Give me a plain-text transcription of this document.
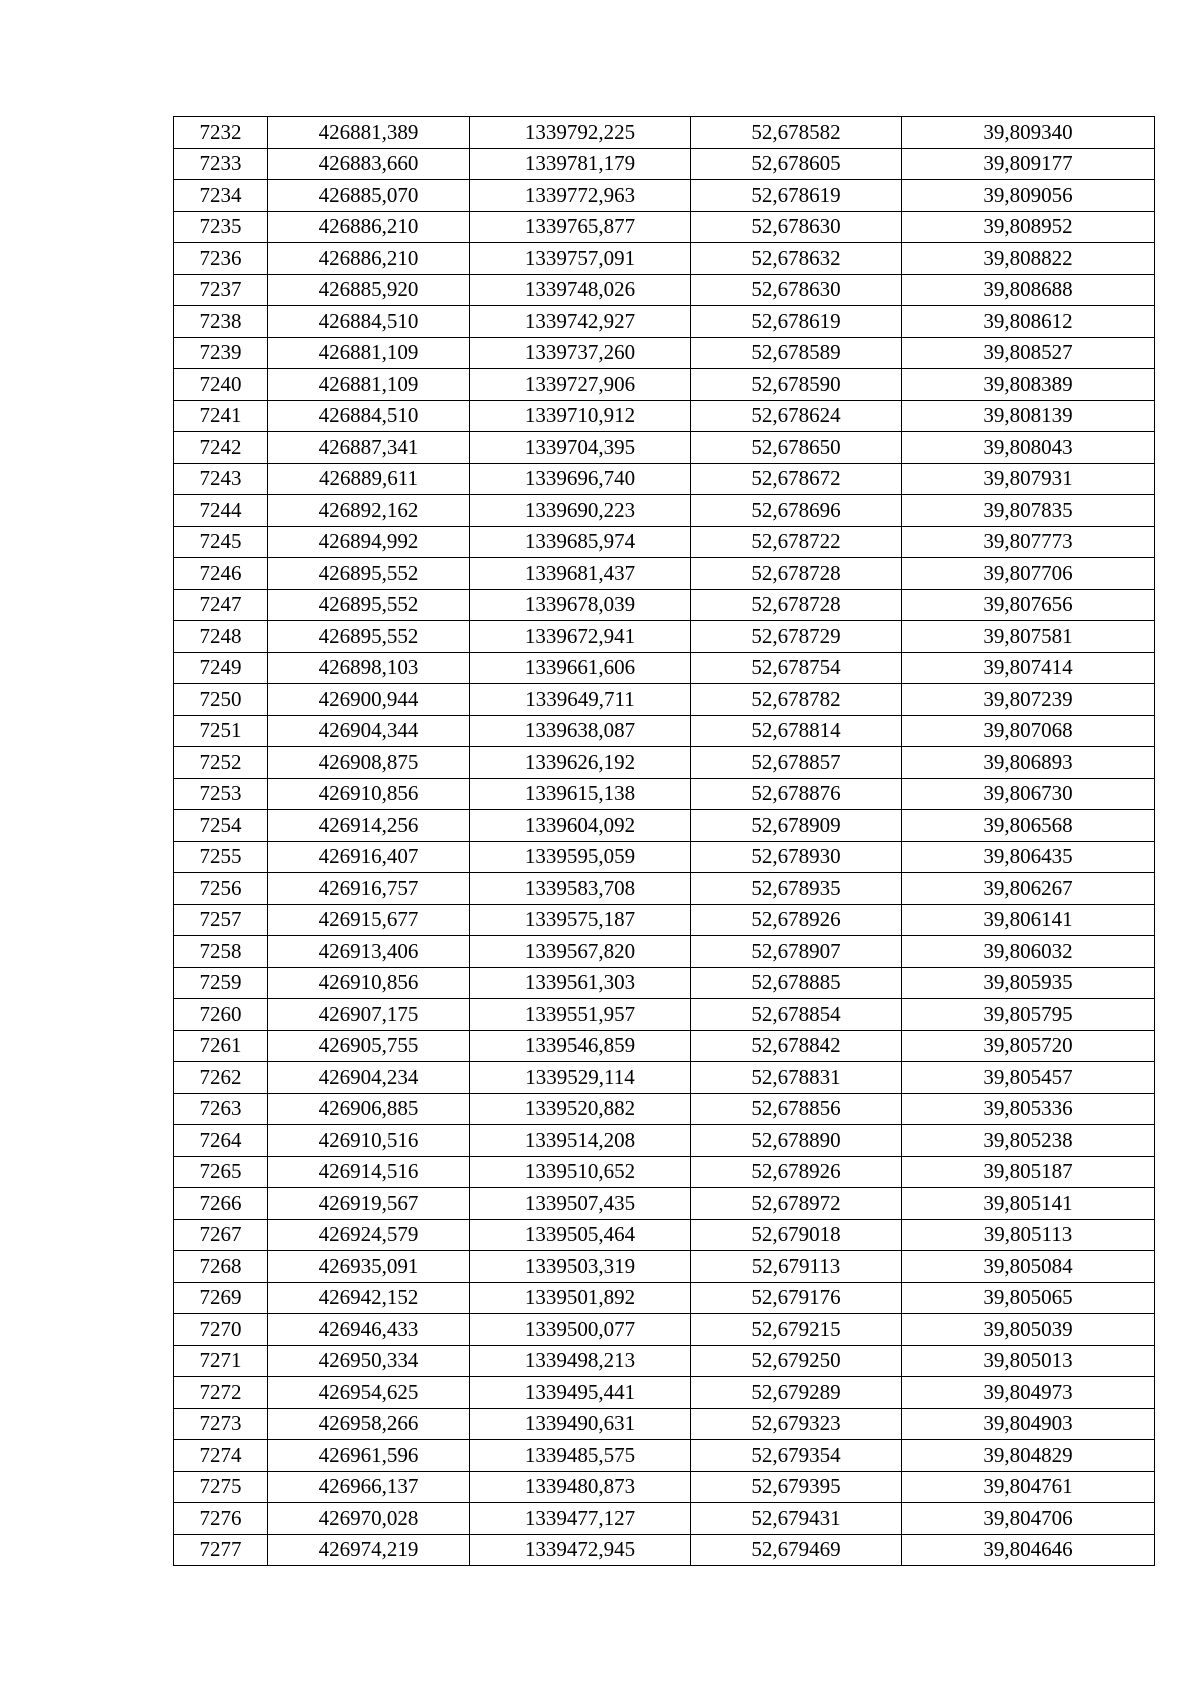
7232	426881,389	1339792,225	52,678582	39,809340
7233	426883,660	1339781,179	52,678605	39,809177
7234	426885,070	1339772,963	52,678619	39,809056
7235	426886,210	1339765,877	52,678630	39,808952
7236	426886,210	1339757,091	52,678632	39,808822
7237	426885,920	1339748,026	52,678630	39,808688
7238	426884,510	1339742,927	52,678619	39,808612
7239	426881,109	1339737,260	52,678589	39,808527
7240	426881,109	1339727,906	52,678590	39,808389
7241	426884,510	1339710,912	52,678624	39,808139
7242	426887,341	1339704,395	52,678650	39,808043
7243	426889,611	1339696,740	52,678672	39,807931
7244	426892,162	1339690,223	52,678696	39,807835
7245	426894,992	1339685,974	52,678722	39,807773
7246	426895,552	1339681,437	52,678728	39,807706
7247	426895,552	1339678,039	52,678728	39,807656
7248	426895,552	1339672,941	52,678729	39,807581
7249	426898,103	1339661,606	52,678754	39,807414
7250	426900,944	1339649,711	52,678782	39,807239
7251	426904,344	1339638,087	52,678814	39,807068
7252	426908,875	1339626,192	52,678857	39,806893
7253	426910,856	1339615,138	52,678876	39,806730
7254	426914,256	1339604,092	52,678909	39,806568
7255	426916,407	1339595,059	52,678930	39,806435
7256	426916,757	1339583,708	52,678935	39,806267
7257	426915,677	1339575,187	52,678926	39,806141
7258	426913,406	1339567,820	52,678907	39,806032
7259	426910,856	1339561,303	52,678885	39,805935
7260	426907,175	1339551,957	52,678854	39,805795
7261	426905,755	1339546,859	52,678842	39,805720
7262	426904,234	1339529,114	52,678831	39,805457
7263	426906,885	1339520,882	52,678856	39,805336
7264	426910,516	1339514,208	52,678890	39,805238
7265	426914,516	1339510,652	52,678926	39,805187
7266	426919,567	1339507,435	52,678972	39,805141
7267	426924,579	1339505,464	52,679018	39,805113
7268	426935,091	1339503,319	52,679113	39,805084
7269	426942,152	1339501,892	52,679176	39,805065
7270	426946,433	1339500,077	52,679215	39,805039
7271	426950,334	1339498,213	52,679250	39,805013
7272	426954,625	1339495,441	52,679289	39,804973
7273	426958,266	1339490,631	52,679323	39,804903
7274	426961,596	1339485,575	52,679354	39,804829
7275	426966,137	1339480,873	52,679395	39,804761
7276	426970,028	1339477,127	52,679431	39,804706
7277	426974,219	1339472,945	52,679469	39,804646
